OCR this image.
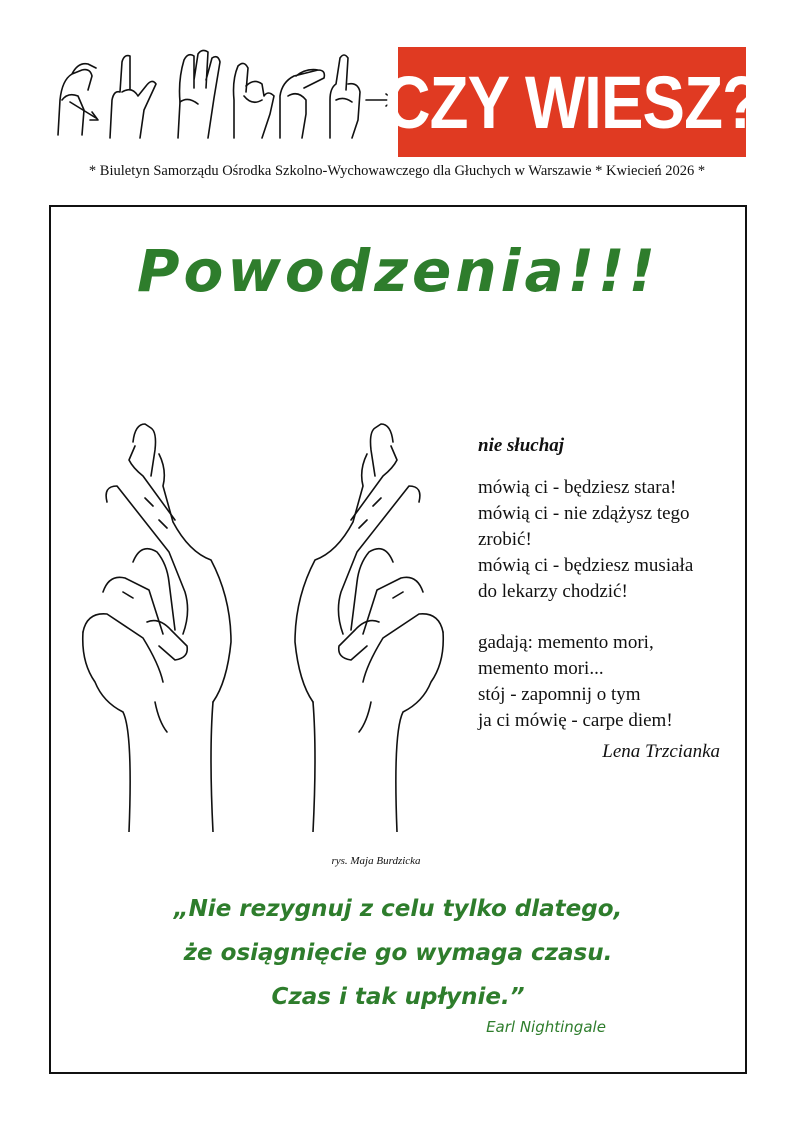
CZY WIESZ?
* Biuletyn Samorządu Ośrodka Szkolno-Wychowawczego dla Głuchych w Warszawie * Kwiecień 2026 *
Powodzenia!!!
nie słuchaj
mówią ci - będziesz stara!
mówią ci - nie zdążysz tego
zrobić!
mówią ci - będziesz musiała
do lekarzy chodzić!
gadają: memento mori,
memento mori...
stój - zapomnij o tym
ja ci mówię - carpe diem!
Lena Trzcianka
rys. Maja Burdzicka
„Nie rezygnuj z celu tylko dlatego,
że osiągnięcie go wymaga czasu.
Czas i tak upłynie.”
Earl Nightingale
